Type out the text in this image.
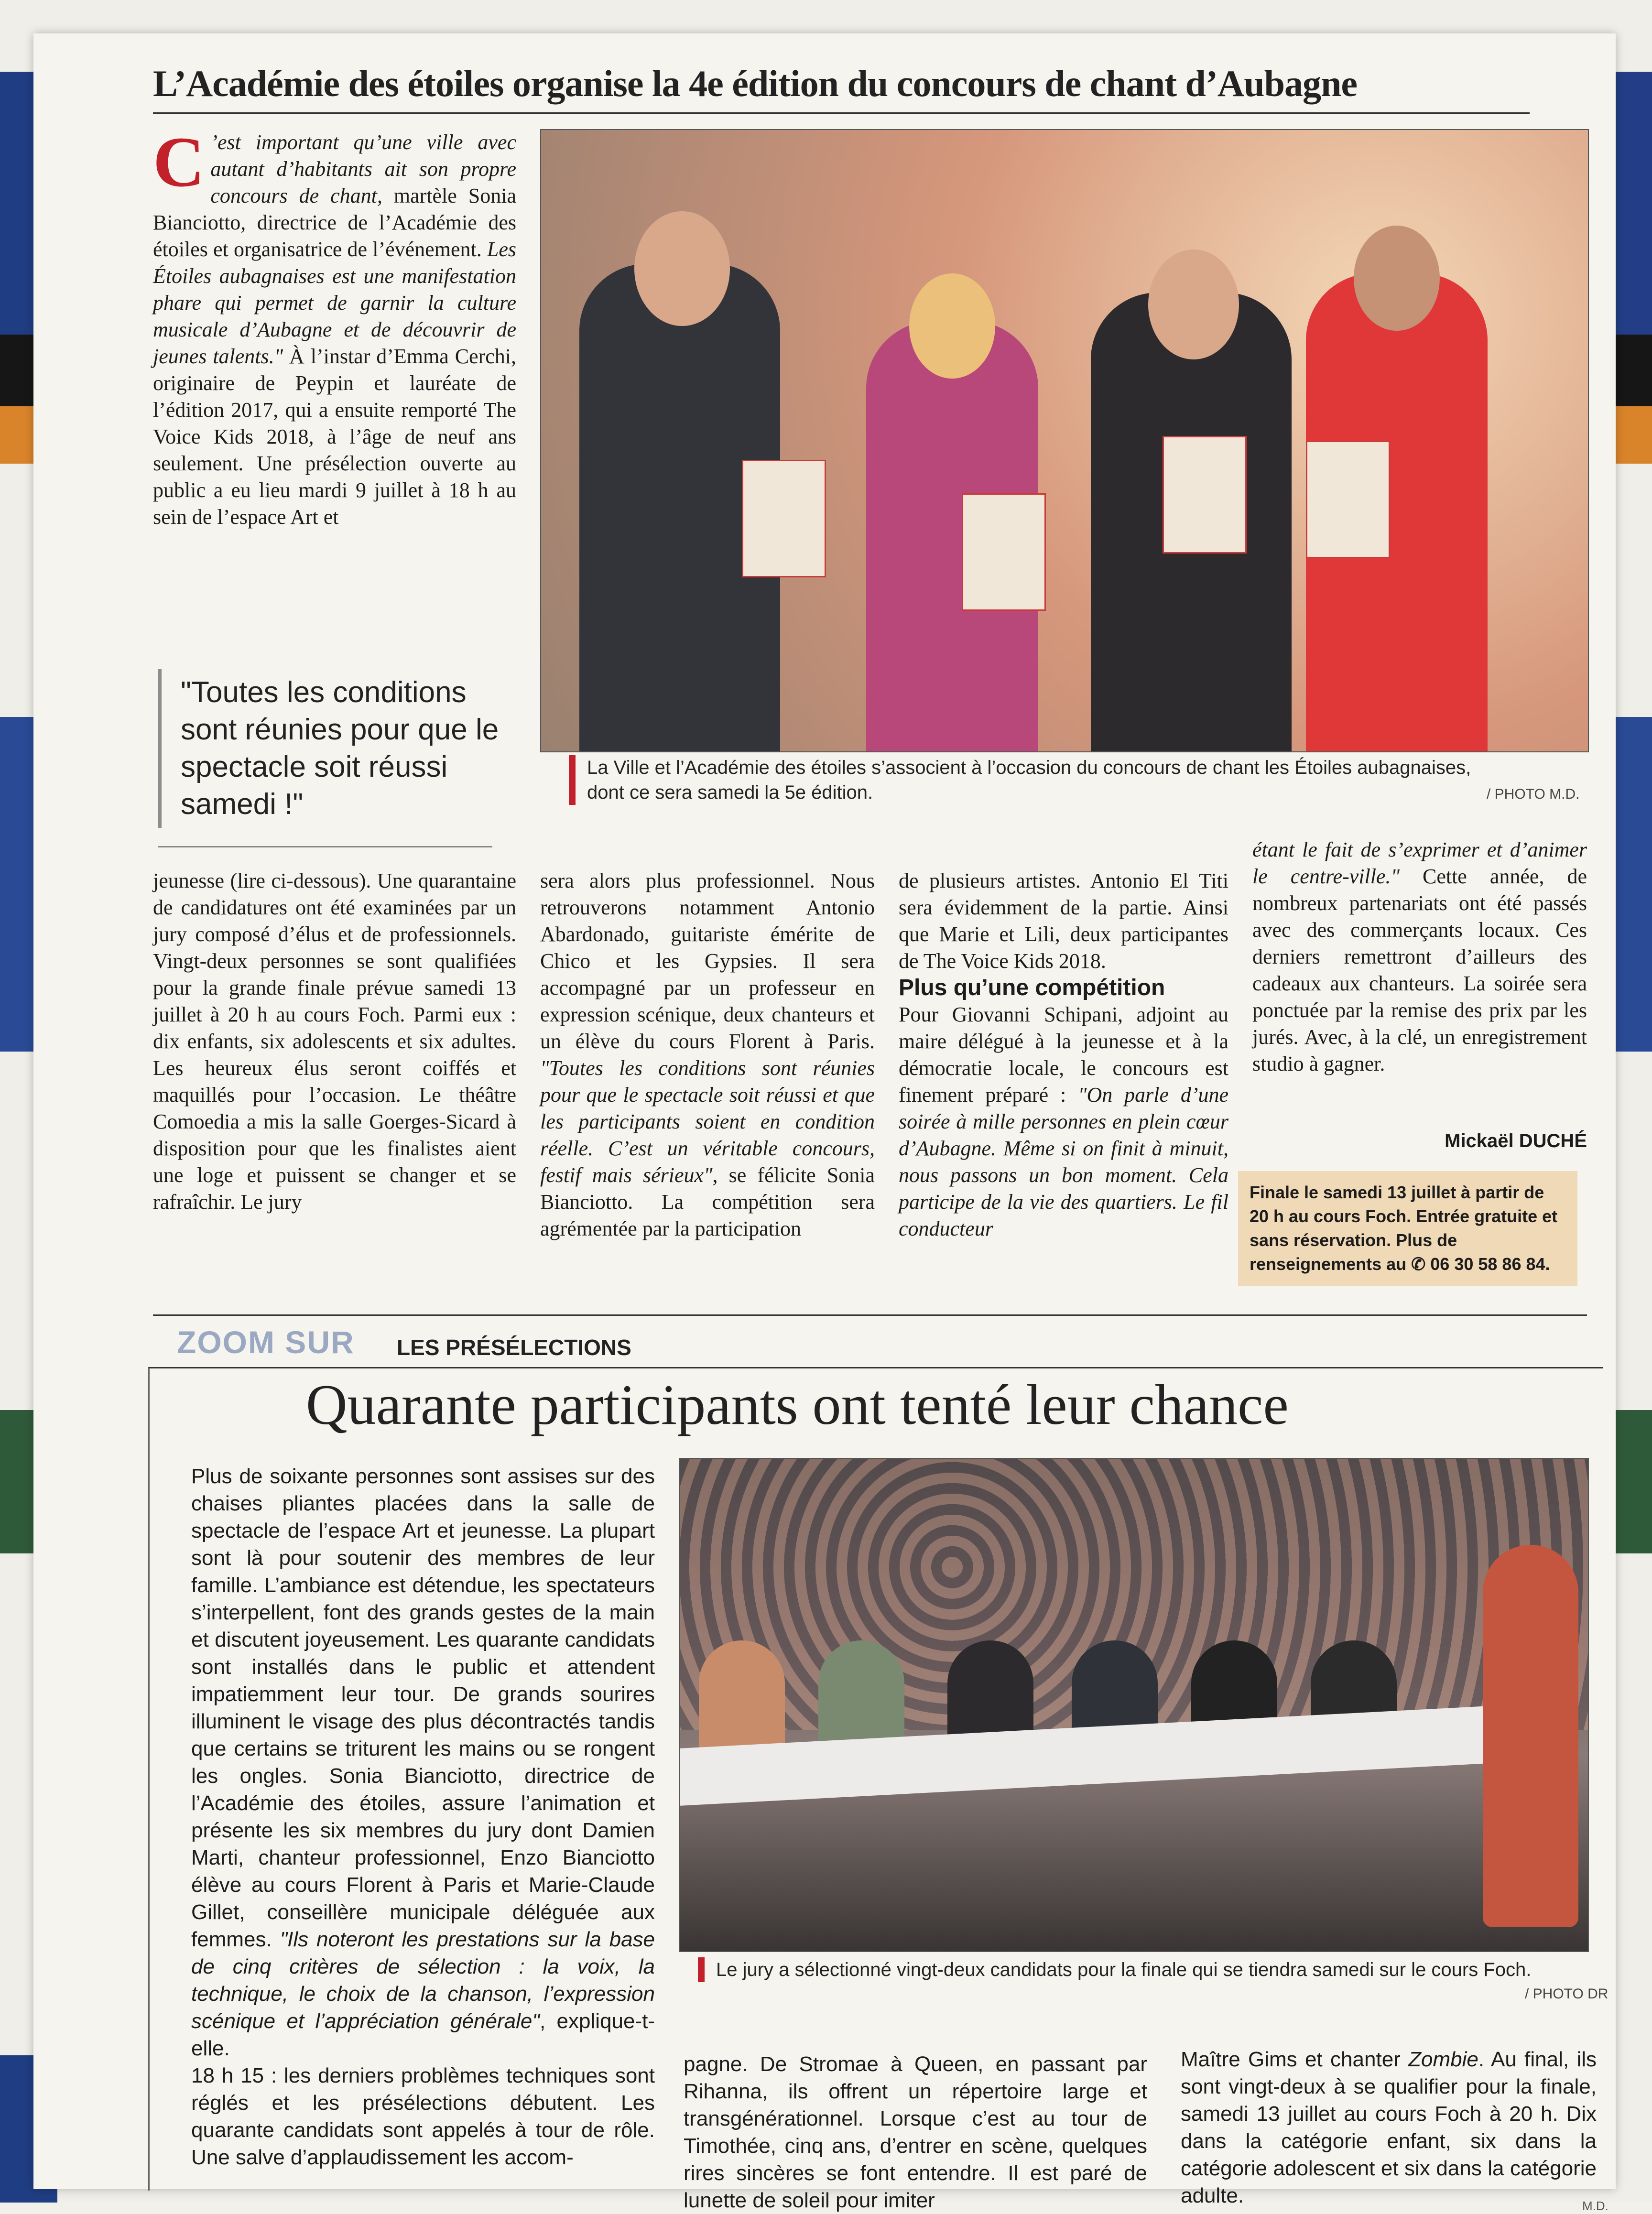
L’Académie des étoiles organise la 4e édition du concours de chant d’Aubagne
C ’est important qu’une ville avec autant d’habitants ait son propre concours de chant, martèle Sonia Bianciotto, directrice de l’Académie des étoiles et organisatrice de l’événement. Les Étoiles aubagnaises est une manifestation phare qui permet de garnir la culture musicale d’Aubagne et de découvrir de jeunes talents." À l’instar d’Emma Cerchi, originaire de Peypin et lauréate de l’édition 2017, qui a ensuite remporté The Voice Kids 2018, à l’âge de neuf ans seulement. Une présélection ouverte au public a eu lieu mardi 9 juillet à 18 h au sein de l’espace Art et
La Ville et l’Académie des étoiles s’associent à l’occasion du concours de chant les Étoiles aubagnaises, dont ce sera samedi la 5e édition.	/ PHOTO M.D.
"Toutes les conditions sont réunies pour que le spectacle soit réussi samedi !"
jeunesse (lire ci-dessous). Une quarantaine de candidatures ont été examinées par un jury composé d’élus et de professionnels. Vingt-deux personnes se sont qualifiées pour la grande finale prévue samedi 13 juillet à 20 h au cours Foch. Parmi eux : dix enfants, six adolescents et six adultes. Les heureux élus seront coiffés et maquillés pour l’occasion. Le théâtre Comoedia a mis la salle Goerges-Sicard à disposition pour que les finalistes aient une loge et puissent se changer et se rafraîchir. Le jury
sera alors plus professionnel. Nous retrouverons notamment Antonio Abardonado, guitariste émérite de Chico et les Gypsies. Il sera accompagné par un professeur en expression scénique, deux chanteurs et un élève du cours Florent à Paris. "Toutes les conditions sont réunies pour que le spectacle soit réussi et que les participants soient en condition réelle. C’est un véritable concours, festif mais sérieux", se félicite Sonia Bianciotto. La compétition sera agrémentée par la participation
de plusieurs artistes. Antonio El Titi sera évidemment de la partie. Ainsi que Marie et Lili, deux participantes de The Voice Kids 2018.
Plus qu’une compétition
Pour Giovanni Schipani, adjoint au maire délégué à la jeunesse et à la démocratie locale, le concours est finement préparé : "On parle d’une soirée à mille personnes en plein cœur d’Aubagne. Même si on finit à minuit, nous passons un bon moment. Cela participe de la vie des quartiers. Le fil conducteur
étant le fait de s’exprimer et d’animer le centre-ville." Cette année, de nombreux partenariats ont été passés avec des commerçants locaux. Ces derniers remettront d’ailleurs des cadeaux aux chanteurs. La soirée sera ponctuée par la remise des prix par les jurés. Avec, à la clé, un enregistrement studio à gagner.
Mickaël DUCHÉ
Finale le samedi 13 juillet à partir de 20 h au cours Foch. Entrée gratuite et sans réservation. Plus de renseignements au ✆ 06 30 58 86 84.
ZOOM SUR LES PRÉSÉLECTIONS
Quarante participants ont tenté leur chance
Plus de soixante personnes sont assises sur des chaises pliantes placées dans la salle de spectacle de l’espace Art et jeunesse. La plupart sont là pour soutenir des membres de leur famille. L’ambiance est détendue, les spectateurs s’interpellent, font des grands gestes de la main et discutent joyeusement. Les quarante candidats sont installés dans le public et attendent impatiemment leur tour. De grands sourires illuminent le visage des plus décontractés tandis que certains se triturent les mains ou se rongent les ongles. Sonia Bianciotto, directrice de l’Académie des étoiles, assure l’animation et présente les six membres du jury dont Damien Marti, chanteur professionnel, Enzo Bianciotto élève au cours Florent à Paris et Marie-Claude Gillet, conseillère municipale déléguée aux femmes. "Ils noteront les prestations sur la base de cinq critères de sélection : la voix, la technique, le choix de la chanson, l’expression scénique et l’appréciation générale", explique-t-elle.
18 h 15 : les derniers problèmes techniques sont réglés et les présélections débutent. Les quarante candidats sont appelés à tour de rôle. Une salve d’applaudissement les accom-
Le jury a sélectionné vingt-deux candidats pour la finale qui se tiendra samedi sur le cours Foch.
/ PHOTO DR
pagne. De Stromae à Queen, en passant par Rihanna, ils offrent un répertoire large et transgénérationnel. Lorsque c’est au tour de Timothée, cinq ans, d’entrer en scène, quelques rires sincères se font entendre. Il est paré de lunette de soleil pour imiter
Maître Gims et chanter Zombie. Au final, ils sont vingt-deux à se qualifier pour la finale, samedi 13 juillet au cours Foch à 20 h. Dix dans la catégorie enfant, six dans la catégorie adolescent et six dans la catégorie adulte.	M.D.
